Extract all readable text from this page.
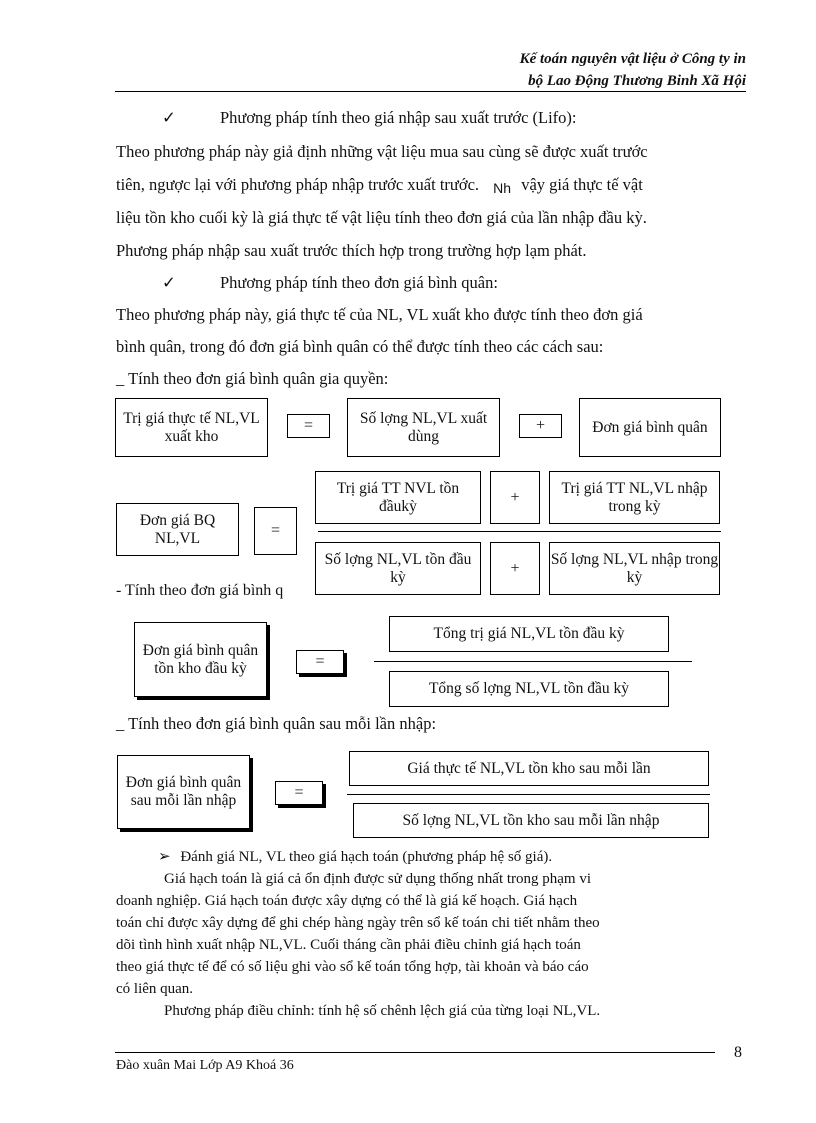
Kế toán nguyên vật liệu ở Công ty in
bộ Lao Động Thương Binh Xã Hội
✓	Phương pháp tính theo giá nhập sau xuất trước (Lifo):
Theo phương pháp này giả định những vật liệu mua sau cùng sẽ được xuất trước
tiên, ngược lại với phương pháp nhập trước xuất trước. Nh vậy giá thực tế vật
liệu tồn kho cuối kỳ là giá thực tế vật liệu tính theo đơn giá của lần nhập đầu kỳ.
Phương pháp nhập sau xuất trước thích hợp trong trường hợp lạm phát.
✓	Phương pháp tính theo đơn giá bình quân:
Theo phương pháp này, giá thực tế của NL, VL xuất kho được tính theo đơn giá
bình quân, trong đó đơn giá bình quân có thể được tính theo các cách sau:
_ Tính theo đơn giá bình quân gia quyền:
Trị giá thực tế NL,VL xuất kho
=	Số lợng NL,VL xuất dùng
+	Đơn giá bình quân
Đơn giá BQ NL,VL	=
Trị giá TT NVL tồn đầukỳ
+
Trị giá TT NL,VL nhập trong kỳ
Số lợng NL,VL tồn đầu kỳ
+
Số lợng NL,VL nhập trong kỳ
- Tính theo đơn giá bình q
Đơn giá bình quân tồn kho đầu kỳ	=
Tổng trị giá NL,VL tồn đầu kỳ
Tổng số lợng NL,VL tồn đầu kỳ
_ Tính theo đơn giá bình quân sau mỗi lần nhập:
Đơn giá bình quân sau mỗi lần nhập	=
Giá thực tế NL,VL tồn kho sau mỗi lần
Số lợng NL,VL tồn kho sau mỗi lần nhập
➢ Đánh giá NL, VL theo giá hạch toán (phương pháp hệ số giá).
Giá hạch toán là giá cả ổn định được sử dụng thống nhất trong phạm vi
doanh nghiệp. Giá hạch toán được xây dựng có thể là giá kế hoạch. Giá hạch
toán chỉ được xây dựng để ghi chép hàng ngày trên sổ kế toán chi tiết nhằm theo
dõi tình hình xuất nhập NL,VL. Cuối tháng cần phải điều chỉnh giá hạch toán
theo giá thực tế để có số liệu ghi vào sổ kế toán tổng hợp, tài khoản và báo cáo
có liên quan.
Phương pháp điều chỉnh: tính hệ số chênh lệch giá của từng loại NL,VL.
Đào xuân Mai Lớp A9 Khoá 36
8
